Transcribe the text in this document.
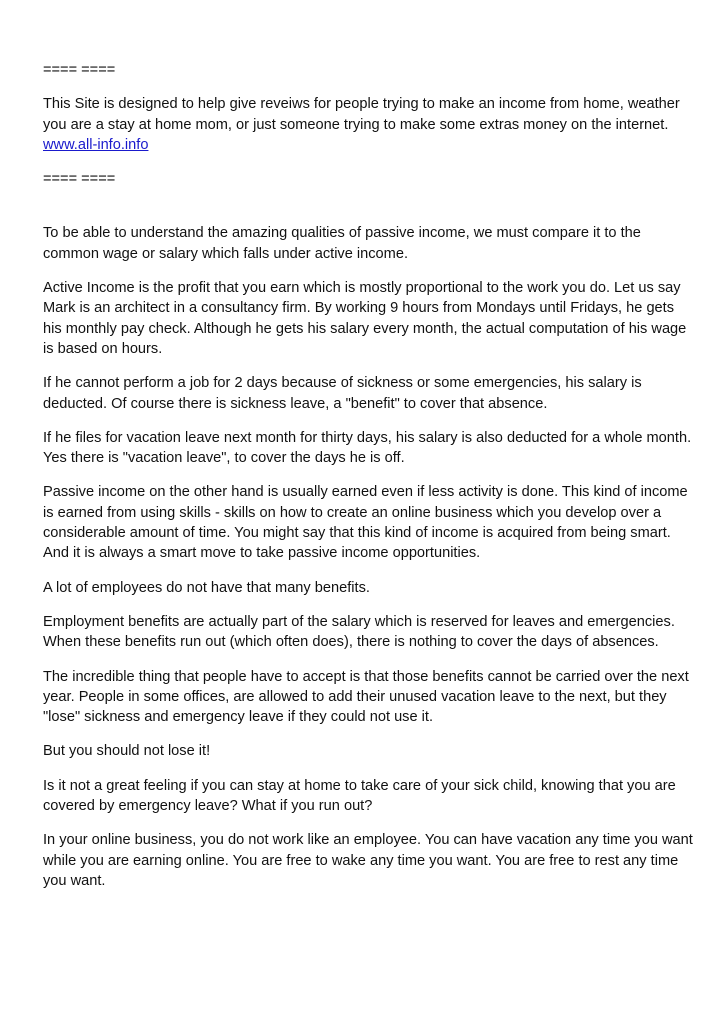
==== ====
This Site is designed to help give reveiws for people trying to make an income from home, weather you are a stay at home mom, or just someone trying to make some extras money on the internet.
www.all-info.info
==== ====

To be able to understand the amazing qualities of passive income, we must compare it to the common wage or salary which falls under active income.

Active Income is the profit that you earn which is mostly proportional to the work you do. Let us say Mark is an architect in a consultancy firm. By working 9 hours from Mondays until Fridays, he gets his monthly pay check. Although he gets his salary every month, the actual computation of his wage is based on hours.

If he cannot perform a job for 2 days because of sickness or some emergencies, his salary is deducted. Of course there is sickness leave, a "benefit" to cover that absence.

If he files for vacation leave next month for thirty days, his salary is also deducted for a whole month. Yes there is "vacation leave", to cover the days he is off.

Passive income on the other hand is usually earned even if less activity is done. This kind of income is earned from using skills - skills on how to create an online business which you develop over a considerable amount of time. You might say that this kind of income is acquired from being smart. And it is always a smart move to take passive income opportunities.

A lot of employees do not have that many benefits.

Employment benefits are actually part of the salary which is reserved for leaves and emergencies. When these benefits run out (which often does), there is nothing to cover the days of absences.

The incredible thing that people have to accept is that those benefits cannot be carried over the next year. People in some offices, are allowed to add their unused vacation leave to the next, but they "lose" sickness and emergency leave if they could not use it.

But you should not lose it!

Is it not a great feeling if you can stay at home to take care of your sick child, knowing that you are covered by emergency leave? What if you run out?

In your online business, you do not work like an employee. You can have vacation any time you want while you are earning online. You are free to wake any time you want. You are free to rest any time you want.
